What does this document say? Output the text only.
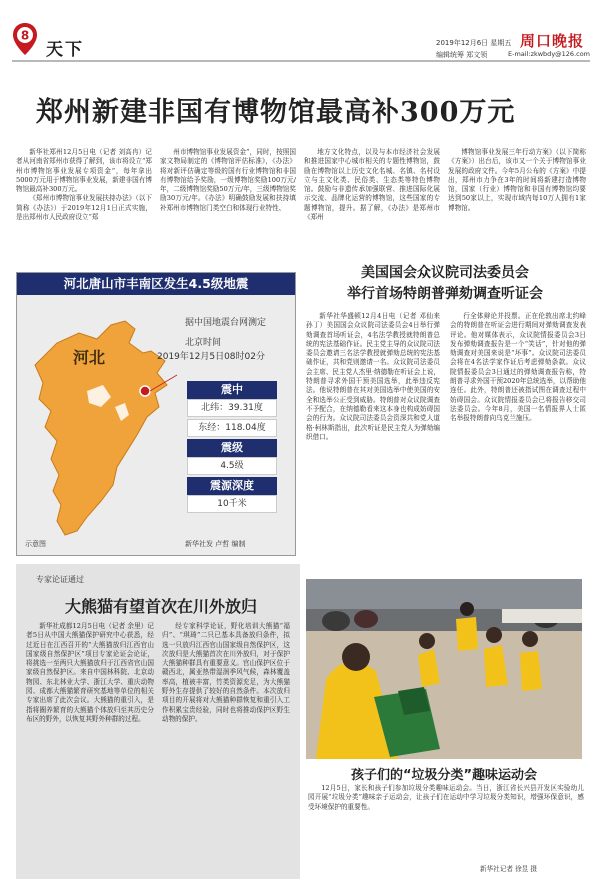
8
天下	2019年12月6日 星期五
编辑统筹 郑文领
周口晚报
E-mail:zkwbdy@126.com
郑州新建非国有博物馆最高补300万元

新华社郑州12月5日电（记者 刘高冉）记者从河南省郑州市获得了解到，该市将设立“郑州市博物馆事业发展专项资金”，每年拿出5000万元用于博物馆事业发展，新建非国有博物馆最高补300万元。

《郑州市博物馆事业发展扶持办法》（以下简称《办法》）于2019年12月1日正式实施，是出郑州市人民政府设立“郑

州市博物馆事业发展资金”，同时，按照国家文物局制定的《博物馆评估标准》，《办法》将对新评估确定等级的国有行业博物馆和非国有博物馆给予奖励，一级博物馆奖励100万元/年，二级博物馆奖励50万元/年，三级博物馆奖励30万元/年。《办法》明确鼓励发展和扶持填补郑州市博物馆门类空白和体现行业特性、

地方文化特点，以及与本市经济社会发展和推进国家中心城市相关的专题性博物馆，鼓励在博物馆以上历史文化名城、名镇、名村设立与主文化类、民俗类、生态类等特色博物馆。鼓励与非遗传承加强联营、推进国际化展示交流、品牌化运营的博物馆，这些国家的专题博物馆，提升。据了解，《办法》是郑州市《郑州

博物馆事业发展三年行动方案》（以下简称《方案》）出台后，该市又一个关于博物馆事业发展的政府文件。今年5月公布的《方案》中提出，郑州市力争在3年的时间将新建打造博物馆，国家（行业）博物馆和非国有博物馆均要达到50家以上，实现市域内每10万人拥有1家博物馆。

河北唐山市丰南区发生4.5级地震
河北
据中国地震台网测定
北京时间
2019年12月5日08时02分
震中
北纬：39.31度
东经：118.04度
震级
4.5级
震源深度
10千米
示意图	新华社发 卢哲 编制
美国国会众议院司法委员会
举行首场特朗普弹劾调查听证会

新华社华盛顿12月4日电（记者 邓仙来 孙丁）美国国会众议院司法委员会4日举行弹劾调查首场听证会，4名法学教授就特朗普总统的宪法基础作证。民主党主导的众议院司法委员会邀请三名法学教授就弹劾总统的宪法基础作证，共和党则邀请一名。众议院司法委员会主席、民主党人杰里·纳德勒在听证会上说，特朗普寻求外国干预美国选举，此举违反宪法。他说特朗普在其对美国选举中使美国的安全和选举公正受到威胁。特朗普对众议院调查不予配合，在纳德勒看来这本身也构成妨碍国会的行为。众议院司法委员会资深共和党人道格·柯林斯指出，此次听证是民主党人为弹劾编织借口。

行全体辩论并投票。正在伦敦出席北约峰会的特朗普在听证会进行期间对弹劾调查发表评论。他对媒体表示，众议院情报委员会3日发布弹劾调查报告是一个“笑话”，针对他的弹劾调查对美国来说是“坏事”。众议院司法委员会将在4名法学家作证后考虑弹劾条款。众议院情报委员会3日通过的弹劾调查报告称，特朗普寻求外国干预2020年总统选举，以帮助他连任。此外，特朗普还被指试图在调查过程中妨碍国会。众议院情报委员会已将报告移交司法委员会。今年8月，美国一名情报界人士匿名举报特朗普向乌克兰施压。

专家论证通过
大熊猫有望首次在川外放归

新华社成都12月5日电（记者 余里）记者5日从中国大熊猫保护研究中心获悉，经过近日在江西召开的“大熊猫放归江西官山国家级自然保护区”项目专家论证会论证，将挑选一至两只大熊猫放归于江西省官山国家级自然保护区。来自中国林科院、北京动物园、东北林业大学、浙江大学、重庆动物园、成都大熊猫繁育研究基地等单位的相关专家出席了此次会议。大熊猫的重引入，是指将圈养繁育的大熊猫个体放归至其历史分布区的野外，以恢复其野外种群的过程。

经专家科学论证，野化培训大熊猫“福归”、“琪琦”二只已基本具备放归条件，拟选一只放归江西官山国家级自然保护区，这次放归是大熊猫首次在川外放归，对于保护大熊猫种群具有重要意义。官山保护区位于赣西北，属亚热带湿润季风气候，森林覆盖率高，植被丰富，竹类资源充足，为大熊猫野外生存提供了较好的自然条件。本次放归项目的开展将对大熊猫种群恢复和重引入工作积累宝贵经验，同时也将推动保护区野生动物的保护。

孩子们的“垃圾分类”趣味运动会

12月5日，家长和孩子们参加垃圾分类趣味运动会。当日，浙江省长兴县开发区实验幼儿园开展“垃圾分类”趣味亲子运动会，让孩子们在运动中学习垃圾分类知识，增强环保意识，感受环境保护的重要性。

新华社记者 徐昱 摄
